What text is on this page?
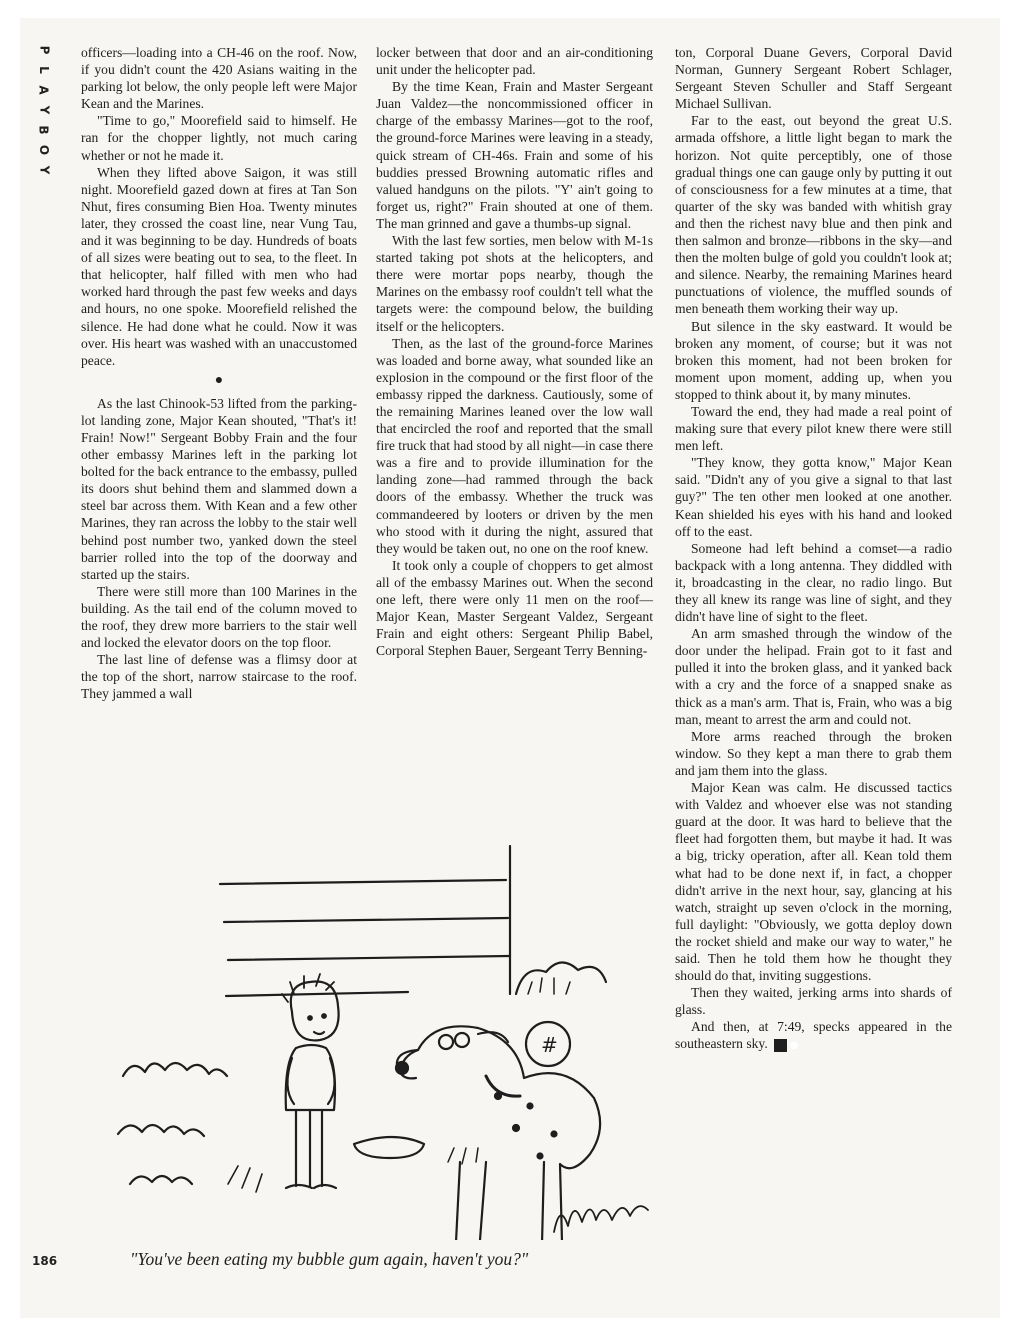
P
L
A
Y
B
O
Y

officers—loading into a CH-46 on the roof. Now, if you didn't count the 420 Asians waiting in the parking lot below, the only people left were Major Kean and the Marines.

"Time to go," Moorefield said to himself. He ran for the chopper lightly, not much caring whether or not he made it.

When they lifted above Saigon, it was still night. Moorefield gazed down at fires at Tan Son Nhut, fires consuming Bien Hoa. Twenty minutes later, they crossed the coast line, near Vung Tau, and it was beginning to be day. Hundreds of boats of all sizes were beating out to sea, to the fleet. In that helicopter, half filled with men who had worked hard through the past few weeks and days and hours, no one spoke. Moorefield relished the silence. He had done what he could. Now it was over. His heart was washed with an unaccustomed peace.

●

As the last Chinook-53 lifted from the parking-lot landing zone, Major Kean shouted, "That's it! Frain! Now!" Sergeant Bobby Frain and the four other embassy Marines left in the parking lot bolted for the back entrance to the embassy, pulled its doors shut behind them and slammed down a steel bar across them. With Kean and a few other Marines, they ran across the lobby to the stair well behind post number two, yanked down the steel barrier rolled into the top of the doorway and started up the stairs.

There were still more than 100 Marines in the building. As the tail end of the column moved to the roof, they drew more barriers to the stair well and locked the elevator doors on the top floor.

The last line of defense was a flimsy door at the top of the short, narrow staircase to the roof. They jammed a wall

locker between that door and an air-conditioning unit under the helicopter pad.

By the time Kean, Frain and Master Sergeant Juan Valdez—the noncommissioned officer in charge of the embassy Marines—got to the roof, the ground-force Marines were leaving in a steady, quick stream of CH-46s. Frain and some of his buddies pressed Browning automatic rifles and valued handguns on the pilots. "Y' ain't going to forget us, right?" Frain shouted at one of them. The man grinned and gave a thumbs-up signal.

With the last few sorties, men below with M-1s started taking pot shots at the helicopters, and there were mortar pops nearby, though the Marines on the embassy roof couldn't tell what the targets were: the compound below, the building itself or the helicopters.

Then, as the last of the ground-force Marines was loaded and borne away, what sounded like an explosion in the compound or the first floor of the embassy ripped the darkness. Cautiously, some of the remaining Marines leaned over the low wall that encircled the roof and reported that the small fire truck that had stood by all night—in case there was a fire and to provide illumination for the landing zone—had rammed through the back doors of the embassy. Whether the truck was commandeered by looters or driven by the men who stood with it during the night, assured that they would be taken out, no one on the roof knew.

It took only a couple of choppers to get almost all of the embassy Marines out. When the second one left, there were only 11 men on the roof—Major Kean, Master Sergeant Valdez, Sergeant Frain and eight others: Sergeant Philip Babel, Corporal Stephen Bauer, Sergeant Terry Benning-

ton, Corporal Duane Gevers, Corporal David Norman, Gunnery Sergeant Robert Schlager, Sergeant Steven Schuller and Staff Sergeant Michael Sullivan.

Far to the east, out beyond the great U.S. armada offshore, a little light began to mark the horizon. Not quite perceptibly, one of those gradual things one can gauge only by putting it out of consciousness for a few minutes at a time, that quarter of the sky was banded with whitish gray and then the richest navy blue and then pink and then salmon and bronze—ribbons in the sky—and then the molten bulge of gold you couldn't look at; and silence. Nearby, the remaining Marines heard punctuations of violence, the muffled sounds of men beneath them working their way up.

But silence in the sky eastward. It would be broken any moment, of course; but it was not broken this moment, had not been broken for moment upon moment, adding up, when you stopped to think about it, by many minutes.

Toward the end, they had made a real point of making sure that every pilot knew there were still men left.

"They know, they gotta know," Major Kean said. "Didn't any of you give a signal to that last guy?" The ten other men looked at one another. Kean shielded his eyes with his hand and looked off to the east.

Someone had left behind a comset—a radio backpack with a long antenna. They diddled with it, broadcasting in the clear, no radio lingo. But they all knew its range was line of sight, and they didn't have line of sight to the fleet.

An arm smashed through the window of the door under the helipad. Frain got to it fast and pulled it into the broken glass, and it yanked back with a cry and the force of a snapped snake as thick as a man's arm. That is, Frain, who was a big man, meant to arrest the arm and could not.

More arms reached through the broken window. So they kept a man there to grab them and jam them into the glass.

Major Kean was calm. He discussed tactics with Valdez and whoever else was not standing guard at the door. It was hard to believe that the fleet had forgotten them, but maybe it had. It was a big, tricky operation, after all. Kean told them what had to be done next if, in fact, a chopper didn't arrive in the next hour, say, glancing at his watch, straight up seven o'clock in the morning, full daylight: "Obviously, we gotta deploy down the rocket shield and make our way to water," he said. Then he told them how he thought they should do that, inviting suggestions.

Then they waited, jerking arms into shards of glass.

And then, at 7:49, specks appeared in the southeastern sky. ●

#
"You've been eating my bubble gum again, haven't you?"
186
